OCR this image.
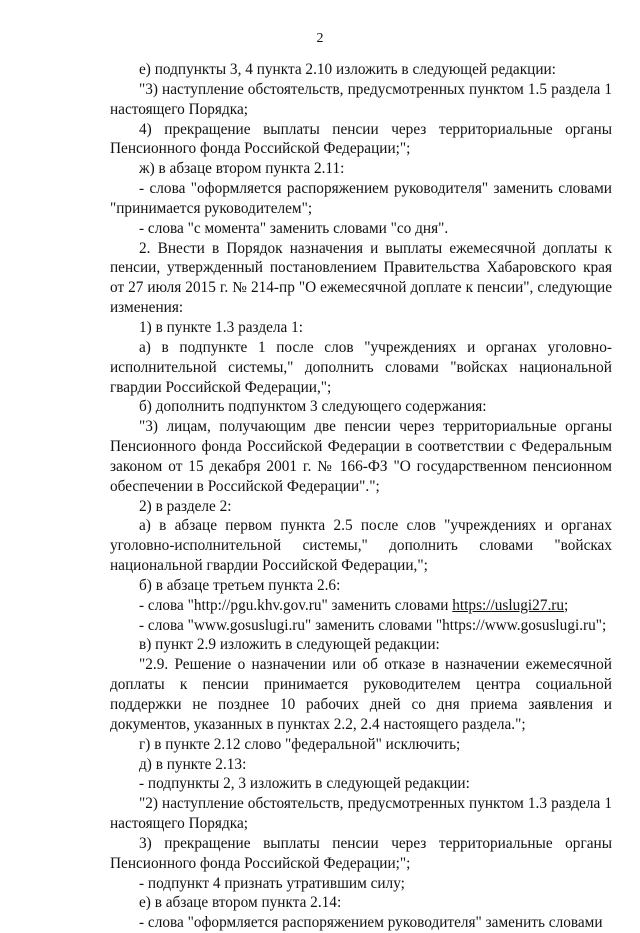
2

е) подпункты 3, 4 пункта 2.10 изложить в следующей редакции:

"3) наступление обстоятельств, предусмотренных пунктом 1.5 раздела 1 настоящего Порядка;

4) прекращение выплаты пенсии через территориальные органы Пенсионного фонда Российской Федерации;";

ж) в абзаце втором пункта 2.11:

- слова "оформляется распоряжением руководителя" заменить словами "принимается руководителем";

- слова "с момента" заменить словами "со дня".

2. Внести в Порядок назначения и выплаты ежемесячной доплаты к пенсии, утвержденный постановлением Правительства Хабаровского края от 27 июля 2015 г. № 214-пр "О ежемесячной доплате к пенсии", следующие изменения:

1) в пункте 1.3 раздела 1:

а) в подпункте 1 после слов "учреждениях и органах уголовно-исполнительной системы," дополнить словами "войсках национальной гвардии Российской Федерации,";

б) дополнить подпунктом 3 следующего содержания:

"3) лицам, получающим две пенсии через территориальные органы Пенсионного фонда Российской Федерации в соответствии с Федеральным законом от 15 декабря 2001 г. № 166-ФЗ "О государственном пенсионном обеспечении в Российской Федерации".";

2) в разделе 2:

а) в абзаце первом пункта 2.5 после слов "учреждениях и органах уголовно-исполнительной системы," дополнить словами "войсках национальной гвардии Российской Федерации,";

б) в абзаце третьем пункта 2.6:

- слова "http://pgu.khv.gov.ru" заменить словами https://uslugi27.ru;

- слова "www.gosuslugi.ru" заменить словами "https://www.gosuslugi.ru";

в) пункт 2.9 изложить в следующей редакции:

"2.9. Решение о назначении или об отказе в назначении ежемесячной доплаты к пенсии принимается руководителем центра социальной поддержки не позднее 10 рабочих дней со дня приема заявления и документов, указанных в пунктах 2.2, 2.4 настоящего раздела.";

г) в пункте 2.12 слово "федеральной" исключить;

д) в пункте 2.13:

- подпункты 2, 3 изложить в следующей редакции:

"2) наступление обстоятельств, предусмотренных пунктом 1.3 раздела 1 настоящего Порядка;

3) прекращение выплаты пенсии через территориальные органы Пенсионного фонда Российской Федерации;";

- подпункт 4 признать утратившим силу;

е) в абзаце втором пункта 2.14:

- слова "оформляется распоряжением руководителя" заменить словами
